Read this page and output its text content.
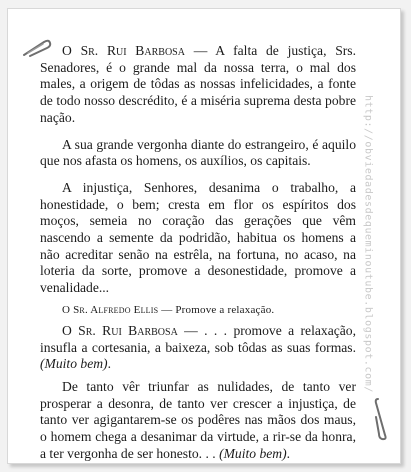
http://obviedadesdequeminoutube.blogspot.com/

O Sr. Rui Barbosa — A falta de justiça, Srs. Senadores, é o grande mal da nossa terra, o mal dos males, a origem de tôdas as nossas infelicidades, a fonte de todo nosso descrédito, é a miséria suprema desta pobre nação.

A sua grande vergonha diante do estrangeiro, é aquilo que nos afasta os homens, os auxílios, os capitais.

A injustiça, Senhores, desanima o trabalho, a honestidade, o bem; cresta em flor os espíritos dos moços, semeia no coração das gerações que vêm nascendo a semente da podridão, habitua os homens a não acreditar senão na estrêla, na fortuna, no acaso, na loteria da sorte, promove a desonestidade, promove a venalidade...

O Sr. Alfredo Ellis — Promove a relaxação.

O Sr. Rui Barbosa — . . . promove a relaxação, insufla a cortesania, a baixeza, sob tôdas as suas formas. (Muito bem).

De tanto vêr triunfar as nulidades, de tanto ver prosperar a desonra, de tanto ver crescer a injustiça, de tanto ver agigantarem-se os podêres nas mãos dos maus, o homem chega a desanimar da virtude, a rir-se da honra, a ter vergonha de ser honesto. . . (Muito bem).
